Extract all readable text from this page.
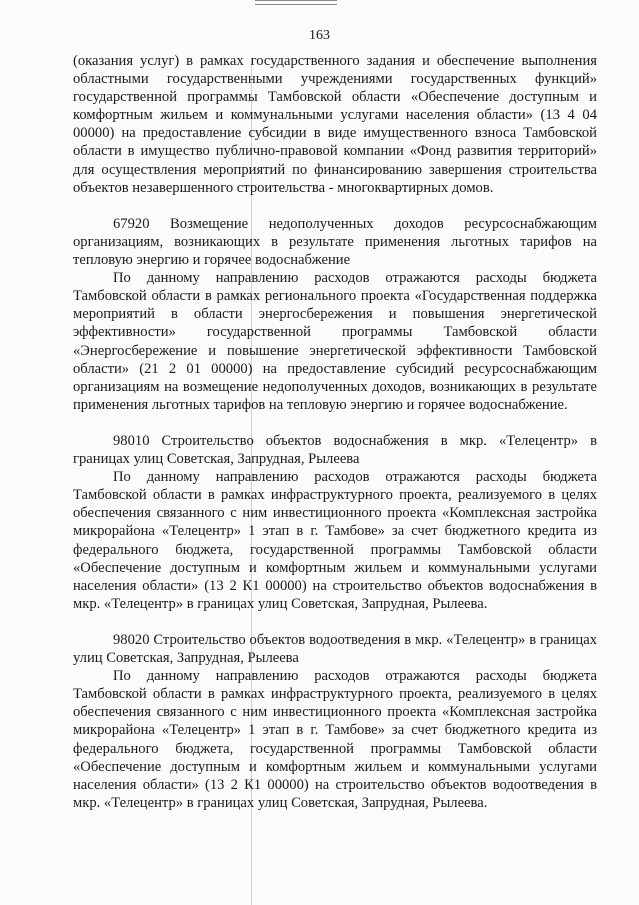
163

(оказания услуг) в рамках государственного задания и обеспечение выполнения областными государственными учреждениями государственных функций» государственной программы Тамбовской области «Обеспечение доступным и комфортным жильем и коммунальными услугами населения области» (13 4 04 00000) на предоставление субсидии в виде имущественного взноса Тамбовской области в имущество публично-правовой компании «Фонд развития территорий» для осуществления мероприятий по финансированию завершения строительства объектов незавершенного строительства - многоквартирных домов.

67920 Возмещение недополученных доходов ресурсоснабжающим организациям, возникающих в результате применения льготных тарифов на тепловую энергию и горячее водоснабжение

По данному направлению расходов отражаются расходы бюджета Тамбовской области в рамках регионального проекта «Государственная поддержка мероприятий в области энергосбережения и повышения энергетической эффективности» государственной программы Тамбовской области «Энергосбережение и повышение энергетической эффективности Тамбовской области» (21 2 01 00000) на предоставление субсидий ресурсоснабжающим организациям на возмещение недополученных доходов, возникающих в результате применения льготных тарифов на тепловую энергию и горячее водоснабжение.

98010 Строительство объектов водоснабжения в мкр. «Телецентр» в границах улиц Советская, Запрудная, Рылеева

По данному направлению расходов отражаются расходы бюджета Тамбовской области в рамках инфраструктурного проекта, реализуемого в целях обеспечения связанного с ним инвестиционного проекта «Комплексная застройка микрорайона «Телецентр» 1 этап в г. Тамбове» за счет бюджетного кредита из федерального бюджета, государственной программы Тамбовской области «Обеспечение доступным и комфортным жильем и коммунальными услугами населения области» (13 2 К1 00000) на строительство объектов водоснабжения в мкр. «Телецентр» в границах улиц Советская, Запрудная, Рылеева.

98020 Строительство объектов водоотведения в мкр. «Телецентр» в границах улиц Советская, Запрудная, Рылеева

По данному направлению расходов отражаются расходы бюджета Тамбовской области в рамках инфраструктурного проекта, реализуемого в целях обеспечения связанного с ним инвестиционного проекта «Комплексная застройка микрорайона «Телецентр» 1 этап в г. Тамбове» за счет бюджетного кредита из федерального бюджета, государственной программы Тамбовской области «Обеспечение доступным и комфортным жильем и коммунальными услугами населения области» (13 2 К1 00000) на строительство объектов водоотведения в мкр. «Телецентр» в границах улиц Советская, Запрудная, Рылеева.
